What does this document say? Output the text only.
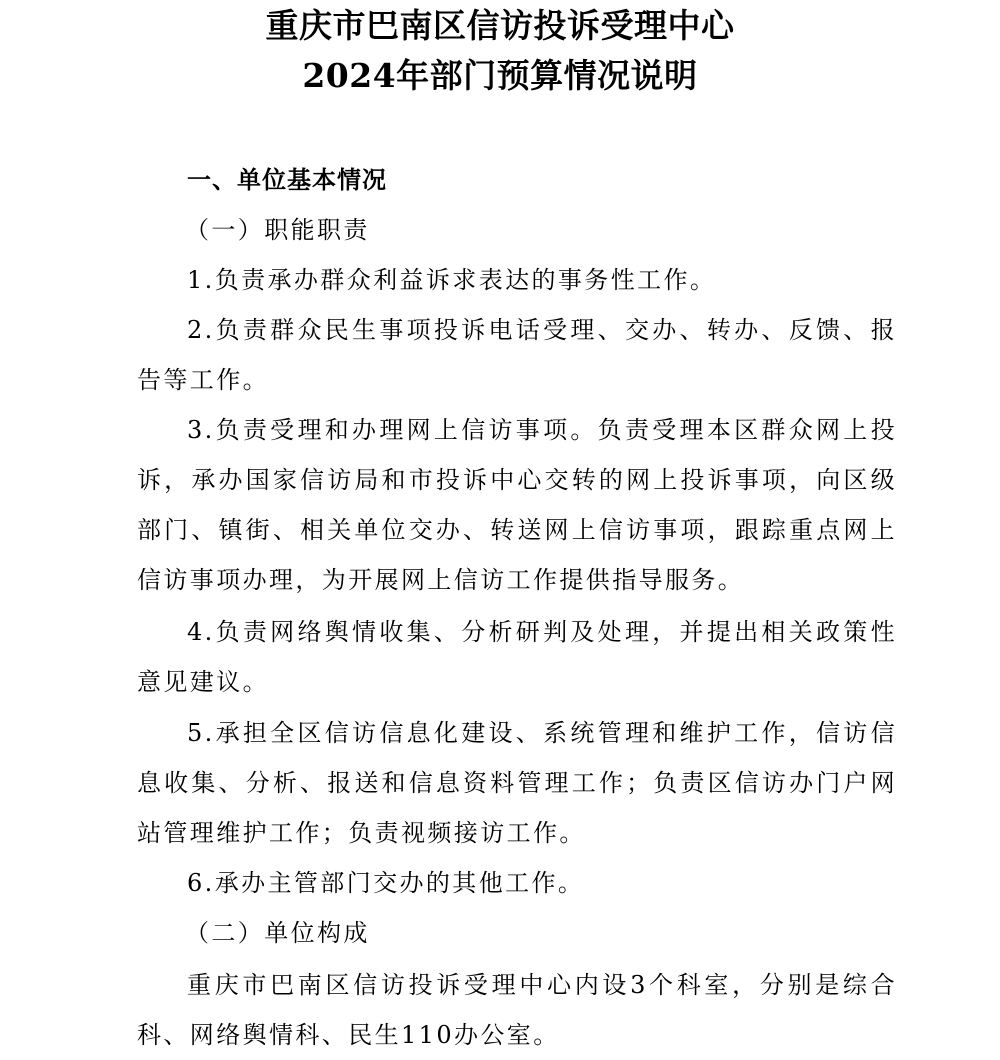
重庆市巴南区信访投诉受理中心
2024年部门预算情况说明
一、单位基本情况
（一）职能职责
1.负责承办群众利益诉求表达的事务性工作。
2.负责群众民生事项投诉电话受理、交办、转办、反馈、报告等工作。
3.负责受理和办理网上信访事项。负责受理本区群众网上投诉，承办国家信访局和市投诉中心交转的网上投诉事项，向区级部门、镇街、相关单位交办、转送网上信访事项，跟踪重点网上信访事项办理，为开展网上信访工作提供指导服务。
4.负责网络舆情收集、分析研判及处理，并提出相关政策性意见建议。
5.承担全区信访信息化建设、系统管理和维护工作，信访信息收集、分析、报送和信息资料管理工作；负责区信访办门户网站管理维护工作；负责视频接访工作。
6.承办主管部门交办的其他工作。
（二）单位构成
重庆市巴南区信访投诉受理中心内设3个科室，分别是综合科、网络舆情科、民生110办公室。
